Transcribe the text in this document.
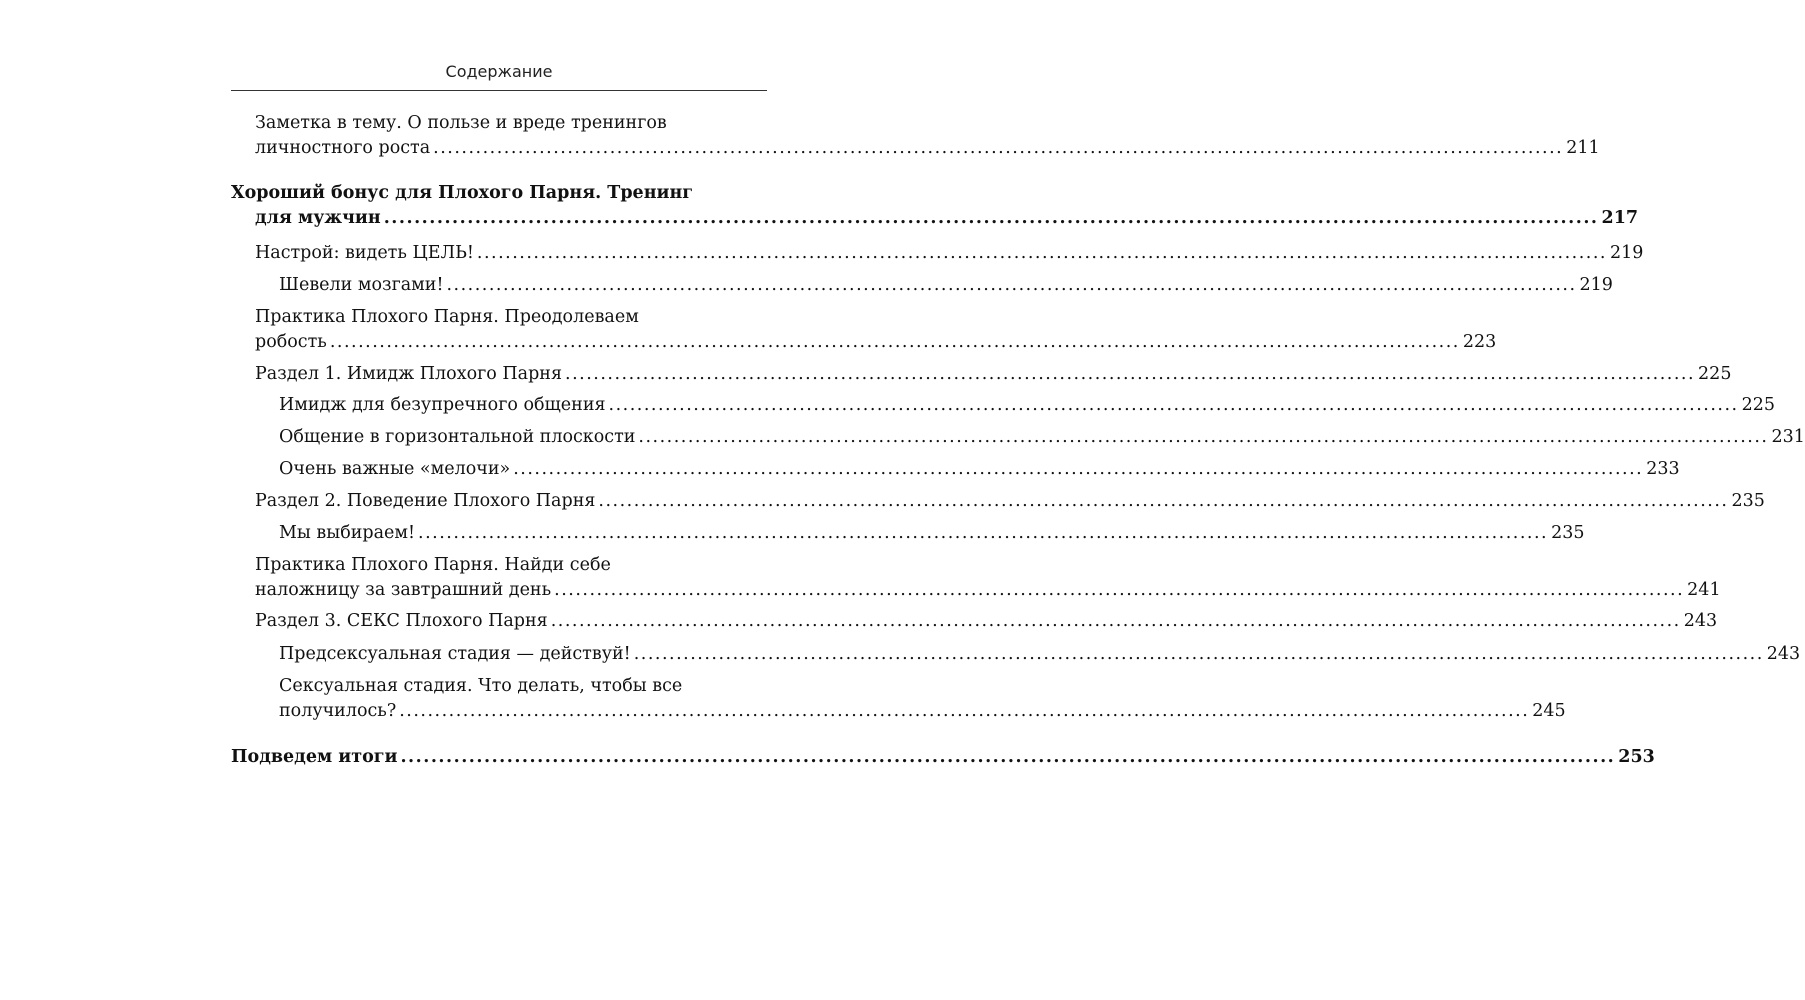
Содержание
Заметка в тему. О пользе и вреде тренингов
личностного роста ................................................................................................................................................................ 211
Хороший бонус для Плохого Парня. Тренинг
для мужчин ................................................................................................................................................................ 217
Настрой: видеть ЦЕЛЬ! ................................................................................................................................................................ 219
Шевели мозгами! ................................................................................................................................................................ 219
Практика Плохого Парня. Преодолеваем
робость ................................................................................................................................................................ 223
Раздел 1. Имидж Плохого Парня ................................................................................................................................................................ 225
Имидж для безупречного общения ................................................................................................................................................................ 225
Общение в горизонтальной плоскости ................................................................................................................................................................ 231
Очень важные «мелочи» ................................................................................................................................................................ 233
Раздел 2. Поведение Плохого Парня ................................................................................................................................................................ 235
Мы выбираем! ................................................................................................................................................................ 235
Практика Плохого Парня. Найди себе
наложницу за завтрашний день ................................................................................................................................................................ 241
Раздел 3. СЕКС Плохого Парня ................................................................................................................................................................ 243
Предсексуальная стадия — действуй! ................................................................................................................................................................ 243
Сексуальная стадия. Что делать, чтобы все
получилось? ................................................................................................................................................................ 245
Подведем итоги ................................................................................................................................................................ 253
